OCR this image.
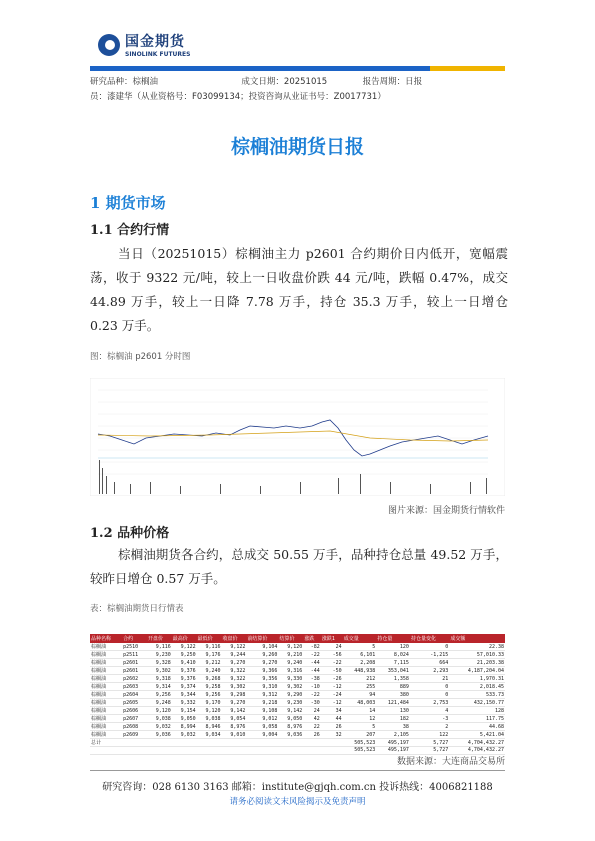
国金期货
SINOLINK FUTURES
研究品种：棕榈油	成文日期：20251015	报告周期：日报
员：漆建华（从业资格号：F03099134；投资咨询从业证书号：Z0017731）
棕榈油期货日报
1 期货市场
1.1 合约行情
当日（20251015）棕榈油主力 p2601 合约期价日内低开，宽幅震荡，收于 9322 元/吨，较上一日收盘价跌 44 元/吨，跌幅 0.47%，成交 44.89 万手，较上一日降 7.78 万手，持仓 35.3 万手，较上一日增仓 0.23 万手。
图：棕榈油 p2601 分时图
图片来源：国金期货行情软件
1.2 品种价格
棕榈油期货各合约，总成交 50.55 万手，品种持仓总量 49.52 万手，较昨日增仓 0.57 万手。
表：棕榈油期货日行情表
品种名称	合约	开盘价	最高价	最低价	收盘价	前结算价	结算价	涨跌	涨跌1	成交量	持仓量	持仓量变化	成交额
棕榈油	p2510	9,116	9,122	9,116	9,122	9,104	9,120	-82	24	5	120	0	22.38
棕榈油	p2511	9,230	9,250	9,176	9,244	9,260	9,210	-22	-56	6,101	8,024	-1,215	57,010.33
棕榈油	p2601	9,328	9,410	9,212	9,270	9,270	9,240	-44	-22	2,208	7,115	664	21,203.38
棕榈油	p2601	9,302	9,376	9,240	9,322	9,366	9,316	-44	-50	448,938	353,041	2,293	4,187,204.04
棕榈油	p2602	9,318	9,376	9,268	9,322	9,356	9,330	-38	-26	212	1,358	21	1,970.31
棕榈油	p2603	9,314	9,374	9,258	9,302	9,310	9,302	-10	-12	255	889	0	2,018.45
棕榈油	p2604	9,256	9,344	9,256	9,298	9,312	9,290	-22	-24	94	380	0	533.73
棕榈油	p2605	9,248	9,332	9,170	9,270	9,218	9,230	-30	-12	48,003	121,484	2,753	432,150.77
棕榈油	p2606	9,120	9,154	9,120	9,142	9,108	9,142	24	34	14	130	4	128
棕榈油	p2607	9,038	9,050	9,038	9,054	9,012	9,050	42	44	12	182	-3	117.75
棕榈油	p2608	9,032	8,994	8,946	8,976	9,058	8,976	22	26	5	38	2	44.68
棕榈油	p2609	9,036	9,032	9,034	9,010	9,004	9,036	26	32	207	2,105	122	5,421.04
总计										505,523	495,197	5,727	4,704,432.27
										505,523	495,197	5,727	4,704,432.27
数据来源：大连商品交易所
研究咨询：028 6130 3163 邮箱：institute@gjqh.com.cn 投诉热线：4006821188
请务必阅读文末风险揭示及免责声明
